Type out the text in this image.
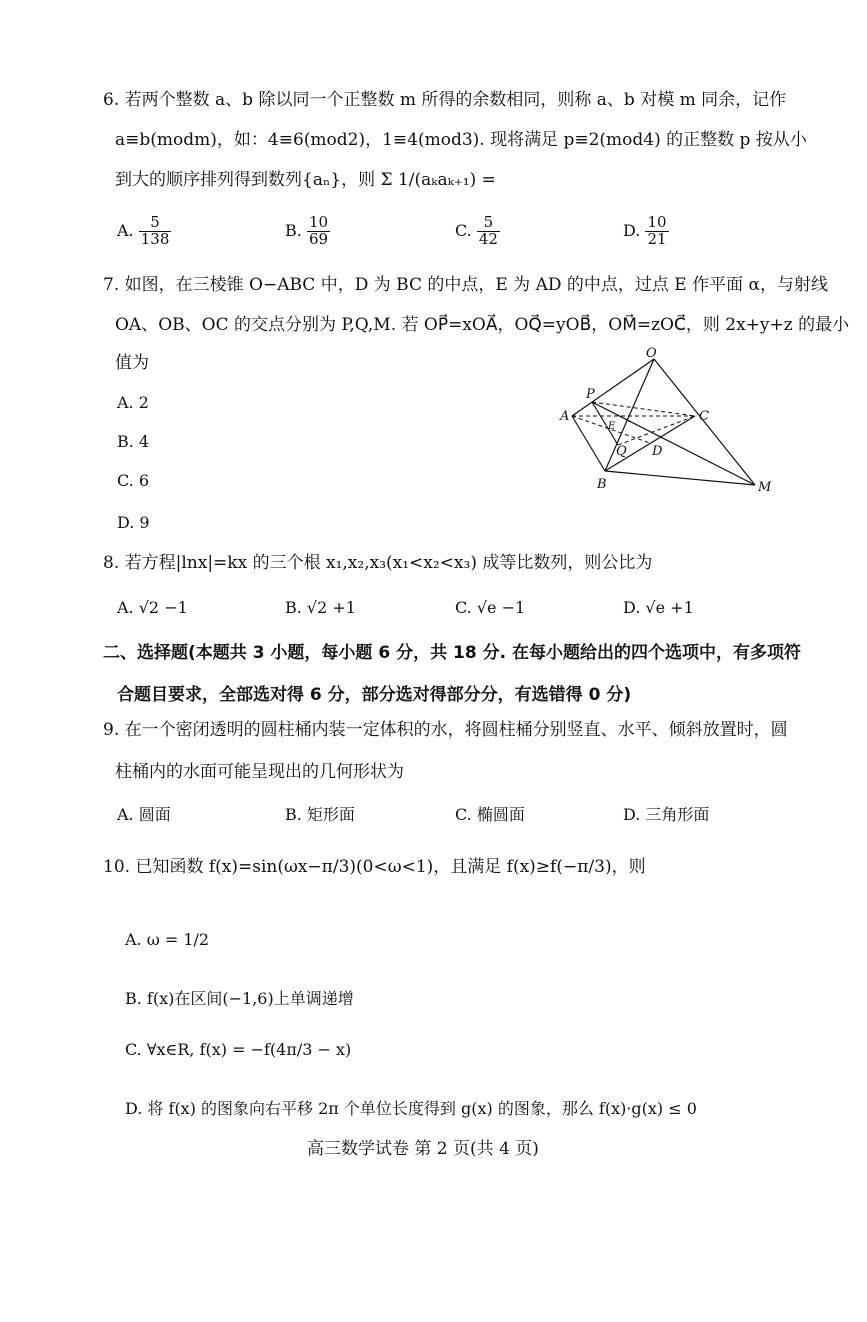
6. 若两个整数 a、b 除以同一个正整数 m 所得的余数相同，则称 a、b 对模 m 同余，记作
a≡b(modm)，如：4≡6(mod2)，1≡4(mod3). 现将满足 p≡2(mod4) 的正整数 p 按从小
到大的顺序排列得到数列{aₙ}，则 Σ 1/(aₖaₖ₊₁) =
A. $\frac{5}{138}$	B. $\frac{10}{69}$	C. $\frac{5}{42}$	D. $\frac{10}{21}$
7. 如图，在三棱锥 O−ABC 中，D 为 BC 的中点，E 为 AD 的中点，过点 E 作平面 α，与射线
OA、OB、OC 的交点分别为 P,Q,M. 若 OP⃗=xOA⃗，OQ⃗=yOB⃗，OM⃗=zOC⃗，则 2x+y+z 的最小
值为
A. 2
B. 4
C. 6
D. 9
O
P
A
E
C
Q D
B	M
8. 若方程|lnx|=kx 的三个根 x₁,x₂,x₃(x₁<x₂<x₃) 成等比数列，则公比为
A. √2 −1	B. √2 +1	C. √e −1	D. √e +1
二、选择题(本题共 3 小题，每小题 6 分，共 18 分. 在每小题给出的四个选项中，有多项符
合题目要求，全部选对得 6 分，部分选对得部分分，有选错得 0 分)
9. 在一个密闭透明的圆柱桶内装一定体积的水，将圆柱桶分别竖直、水平、倾斜放置时，圆
柱桶内的水面可能呈现出的几何形状为
A. 圆面	B. 矩形面	C. 椭圆面	D. 三角形面
10. 已知函数 f(x)=sin(ωx−π/3)(0<ω<1)，且满足 f(x)≥f(−π/3)，则
A. ω = 1/2
B. f(x)在区间(−1,6)上单调递增
C. ∀x∈R, f(x) = −f(4π/3 − x)
D. 将 f(x) 的图象向右平移 2π 个单位长度得到 g(x) 的图象，那么 f(x)·g(x) ≤ 0
高三数学试卷 第 2 页(共 4 页)
